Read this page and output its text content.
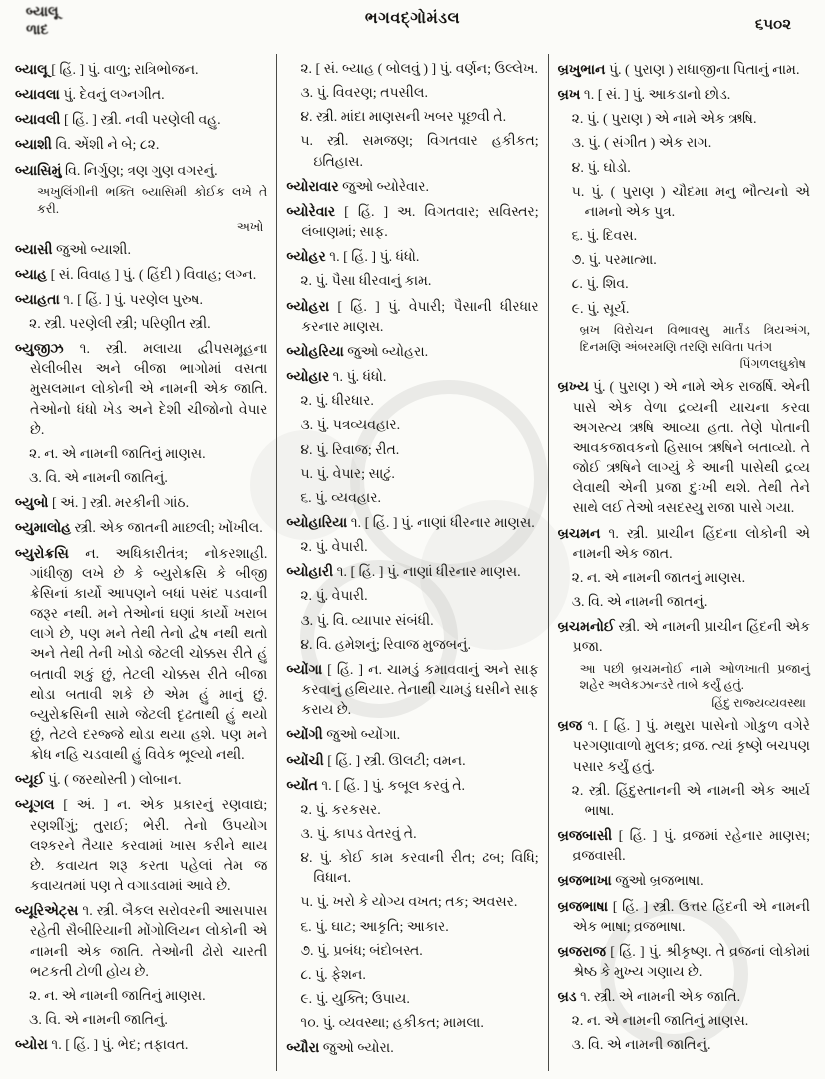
બ્યાલૂ
ળાદ
ભગવદ્ગોમંડલ	૬૫૦૨
બ્યાલૂ [ હિં. ] પું. વાળુ; રાત્રિભોજન.
બ્યાવલા પું. દેવનું લગ્નગીત.
બ્યાવલી [ હિં. ] સ્ત્રી. નવી પરણેલી વહુ.
બ્યાશી વિ. એંશી ને બે; ૮૨.
બ્યાસિમું વિ. નિર્ગુણ; ત્રણ ગુણ વગરનું.
અખુલિંગીની ભક્તિ બ્યાસિમી કોઈક લખે તે કરી.
અખો
બ્યાસી જુઓ બ્યાશી.
બ્યાહ [ સં. વિવાહ ] પું. ( હિંદી ) વિવાહ; લગ્ન.
બ્યાહતા ૧. [ હિં. ] પું. પરણેલ પુરુષ.
૨. સ્ત્રી. પરણેલી સ્ત્રી; પરિણીત સ્ત્રી.
બ્યુજીઝ ૧. સ્ત્રી. મલાયા દ્વીપસમૂહના સેલીબીસ અને બીજા ભાગોમાં વસતા મુસલમાન લોકોની એ નામની એક જાતિ. તેઓનો ધંધો ખેડ અને દેશી ચીજોનો વેપાર છે.
૨. ન. એ નામની જાતિનું માણસ.
૩. વિ. એ નામની જાતિનું.
બ્યુબો [ અં. ] સ્ત્રી. મરકીની ગાંઠ.
બ્યુમાલોહ સ્ત્રી. એક જાતની માછલી; ખોંખીલ.
બ્યુરોક્રસિ ન. અધિકારીતંત્ર; નોકરશાહી. ગાંધીજી લખે છે કે બ્યુરોક્રસિ કે બીજી ક્રેસિનાં કાર્યો આપણને બધાં પસંદ પડવાની જરૂર નથી. મને તેઓનાં ઘણાં કાર્યો ખરાબ લાગે છે, પણ મને તેથી તેનો દ્વેષ નથી થતો અને તેથી તેની ખોડો જેટલી ચોક્કસ રીતે હું બતાવી શકું છું, તેટલી ચોક્કસ રીતે બીજા થોડા બતાવી શકે છે એમ હું માનું છું. બ્યુરોક્રસિની સામે જેટલી દૃઢતાથી હું થયો છું, તેટલે દરજ્જે થોડા થયા હશે. પણ મને ક્રોધ નહિ ચડવાથી હું વિવેક ભૂલ્યો નથી.
બ્યૂઈ પું. ( જરથોસ્તી ) લોબાન.
બ્યૂગલ [ અં. ] ન. એક પ્રકારનું રણવાદ્ય; રણશીંગું; તુરાઈ; ભેરી. તેનો ઉપયોગ લશ્કરને તૈયાર કરવામાં ખાસ કરીને થાય છે. કવાયત શરૂ કરતા પહેલાં તેમ જ કવાયતમાં પણ તે વગાડવામાં આવે છે.
બ્યૂરિએટ્સ ૧. સ્ત્રી. બૈકલ સરોવરની આસપાસ રહેતી સૈબીરિયાની મોંગોલિયન લોકોની એ નામની એક જાતિ. તેઓની ઢોરો ચારતી ભટકતી ટોળી હોય છે.
૨. ન. એ નામની જાતિનું માણસ.
૩. વિ. એ નામની જાતિનું.
બ્યોરા ૧. [ હિં. ] પું. ભેદ; તફાવત.
૨. [ સં. બ્યાહ ( બોલવું ) ] પું. વર્ણન; ઉલ્લેખ.
૩. પું. વિવરણ; તપસીલ.
૪. સ્ત્રી. માંદા માણસની ખબર પૂછવી તે.
૫. સ્ત્રી. સમજણ; વિગતવાર હકીકત; ઇતિહાસ.
બ્યોરાવાર જુઓ બ્યોરેવાર.
બ્યોરેવાર [ હિં. ] અ. વિગતવાર; સવિસ્તર; લંબાણમાં; સાફ.
બ્યોહર ૧. [ હિં. ] પું. ધંધો.
૨. પું. પૈસા ધીરવાનું કામ.
બ્યોહરા [ હિં. ] પું. વેપારી; પૈસાની ધીરધાર કરનાર માણસ.
બ્યોહરિયા જુઓ બ્યોહરા.
બ્યોહાર ૧. પું. ધંધો.
૨. પું. ધીરધાર.
૩. પું. પત્રવ્યવહાર.
૪. પું. રિવાજ; રીત.
૫. પું. વેપાર; સાટું.
૬. પું. વ્યવહાર.
બ્યોહારિયા ૧. [ હિં. ] પું. નાણાં ધીરનાર માણસ.
૨. પું. વેપારી.
બ્યોહારી ૧. [ હિં. ] પું. નાણાં ધીરનાર માણસ.
૨. પું. વેપારી.
૩. પું. વિ. વ્યાપાર સંબંધી.
૪. વિ. હમેશનું; રિવાજ મુજબનું.
બ્યોંગા [ હિં. ] ન. ચામડું કમાવવાનું અને સાફ કરવાનું હથિયાર. તેનાથી ચામડું ઘસીને સાફ કરાય છે.
બ્યોંગી જુઓ બ્યોંગા.
બ્યોંચી [ હિં. ] સ્ત્રી. ઊલટી; વમન.
બ્યોંત ૧. [ હિં. ] પું. કબૂલ કરવું તે.
૨. પું. કરકસર.
૩. પું. કાપડ વેતરવું તે.
૪. પું. કોઈ કામ કરવાની રીત; ઢબ; વિધિ; વિધાન.
૫. પું. ખરો કે યોગ્ય વખત; તક; અવસર.
૬. પું. ઘાટ; આકૃતિ; આકાર.
૭. પું. પ્રબંધ; બંદોબસ્ત.
૮. પું. ફેશન.
૯. પું. યુક્તિ; ઉપાય.
૧૦. પું. વ્યવસ્થા; હકીકત; મામલા.
બ્યૌરા જુઓ બ્યોરા.
બ્રખુભાન પું. ( પુરાણ ) રાધાજીના પિતાનું નામ.
બ્રખ ૧. [ સં. ] પું. આકડાનો છોડ.
૨. પું. ( પુરાણ ) એ નામે એક ઋષિ.
૩. પું. ( સંગીત ) એક રાગ.
૪. પું. ઘોડો.
૫. પું. ( પુરાણ ) ચૌદમા મનુ ભૌત્યનો એ નામનો એક પુત્ર.
૬. પું. દિવસ.
૭. પું. પરમાત્મા.
૮. પું. શિવ.
૯. પું. સૂર્ય.
બ્રખ વિરોચન વિભાવસુ માર્તંડ ત્રિયઅંગ, દિનમણિ અંબરમણિ તરણિ સવિતા પતંગ
પિંગળલઘુકોષ
બ્રખ્ય પું. ( પુરાણ ) એ નામે એક રાજર્ષિ. એની પાસે એક વેળા દ્રવ્યની યાચના કરવા અગસ્ત્ય ઋષિ આવ્યા હતા. તેણે પોતાની આવકજાવકનો હિસાબ ઋષિને બતાવ્યો. તે જોઈ ઋષિને લાગ્યું કે આની પાસેથી દ્રવ્ય લેવાથી એની પ્રજા દુઃખી થશે. તેથી તેને સાથે લઈ તેઓ ત્રસદસ્યુ રાજા પાસે ગયા.
બ્રચમન ૧. સ્ત્રી. પ્રાચીન હિંદના લોકોની એ નામની એક જાત.
૨. ન. એ નામની જાતનું માણસ.
૩. વિ. એ નામની જાતનું.
બ્રચમનોઈ સ્ત્રી. એ નામની પ્રાચીન હિંદની એક પ્રજા.
આ પછી બ્રચમનોઈ નામે ઓળખાતી પ્રજાનું શહેર અલેકઝાન્ડરે તાબે કર્યું હતું.
હિંદુ રાજ્યવ્યવસ્થા
બ્રજ ૧. [ હિં. ] પું. મથુરા પાસેનો ગોકુળ વગેરે પરગણાવાળો મુલક; વ્રજ. ત્યાં કૃષ્ણે બચપણ પસાર કર્યું હતું.
૨. સ્ત્રી. હિંદુસ્તાનની એ નામની એક આર્ય ભાષા.
બ્રજબાસી [ હિં. ] પું. વ્રજમાં રહેનાર માણસ; વ્રજવાસી.
બ્રજભાખા જુઓ બ્રજભાષા.
બ્રજભાષા [ હિં. ] સ્ત્રી. ઉત્તર હિંદની એ નામની એક ભાષા; વ્રજભાષા.
બ્રજરાજ [ હિં. ] પું. શ્રીકૃષ્ણ. તે વ્રજનાં લોકોમાં શ્રેષ્ઠ કે મુખ્ય ગણાય છે.
બ્રડ ૧. સ્ત્રી. એ નામની એક જાતિ.
૨. ન. એ નામની જાતિનું માણસ.
૩. વિ. એ નામની જાતિનું.
